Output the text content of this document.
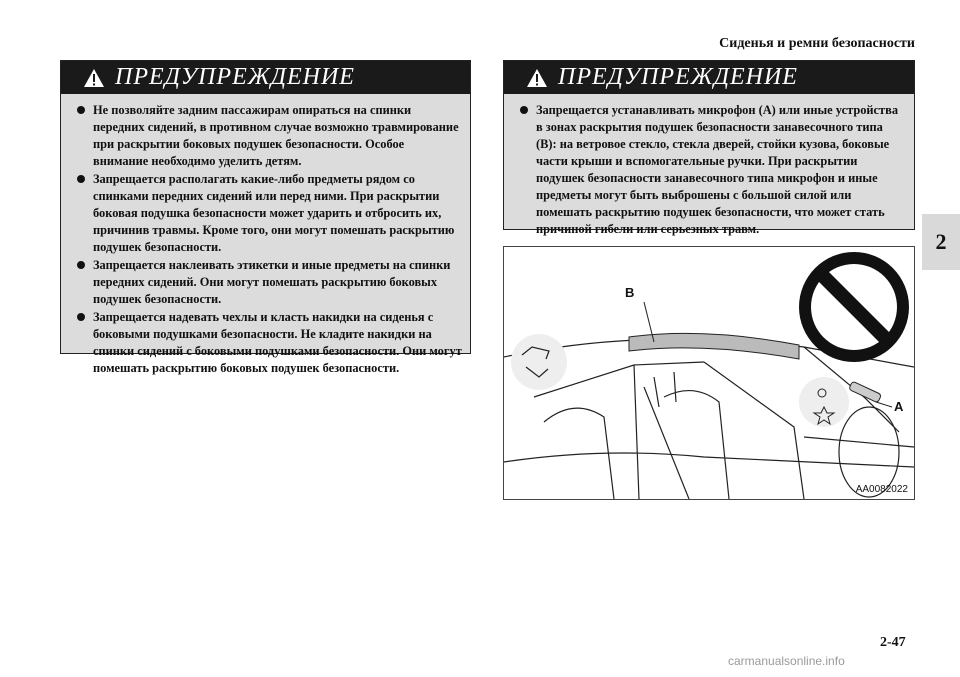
Сиденья и ремни безопасности
2
ПРЕДУПРЕЖДЕНИЕ
Не позволяйте задним пассажирам опираться на спинки передних сидений, в противном случае возможно травмирование при раскрытии боковых подушек безопасности. Особое внимание необходимо уделить детям.
Запрещается располагать какие-либо предметы рядом со спинками передних сидений или перед ними. При раскрытии боковая подушка безопасности может ударить и отбросить их, причинив травмы. Кроме того, они могут помешать раскрытию подушек безопасности.
Запрещается наклеивать этикетки и иные предметы на спинки передних сидений. Они могут помешать раскрытию боковых подушек безопасности.
Запрещается надевать чехлы и класть накидки на сиденья с боковыми подушками безопасности. Не кладите накидки на спинки сидений с боковыми подушками безопасности. Они могут помешать раскрытию боковых подушек безопасности.
ПРЕДУПРЕЖДЕНИЕ
Запрещается устанавливать микрофон (A) или иные устройства в зонах раскрытия подушек безопасности занавесочного типа (B): на ветровое стекло, стекла дверей, стойки кузова, боковые части крыши и вспомогательные ручки. При раскрытии подушек безопасности занавесочного типа микрофон и иные предметы могут быть выброшены с большой силой или помешать раскрытию подушек безопасности, что может стать причиной гибели или серьезных травм.
B
A
AA0082022
2-47
carmanualsonline.info
